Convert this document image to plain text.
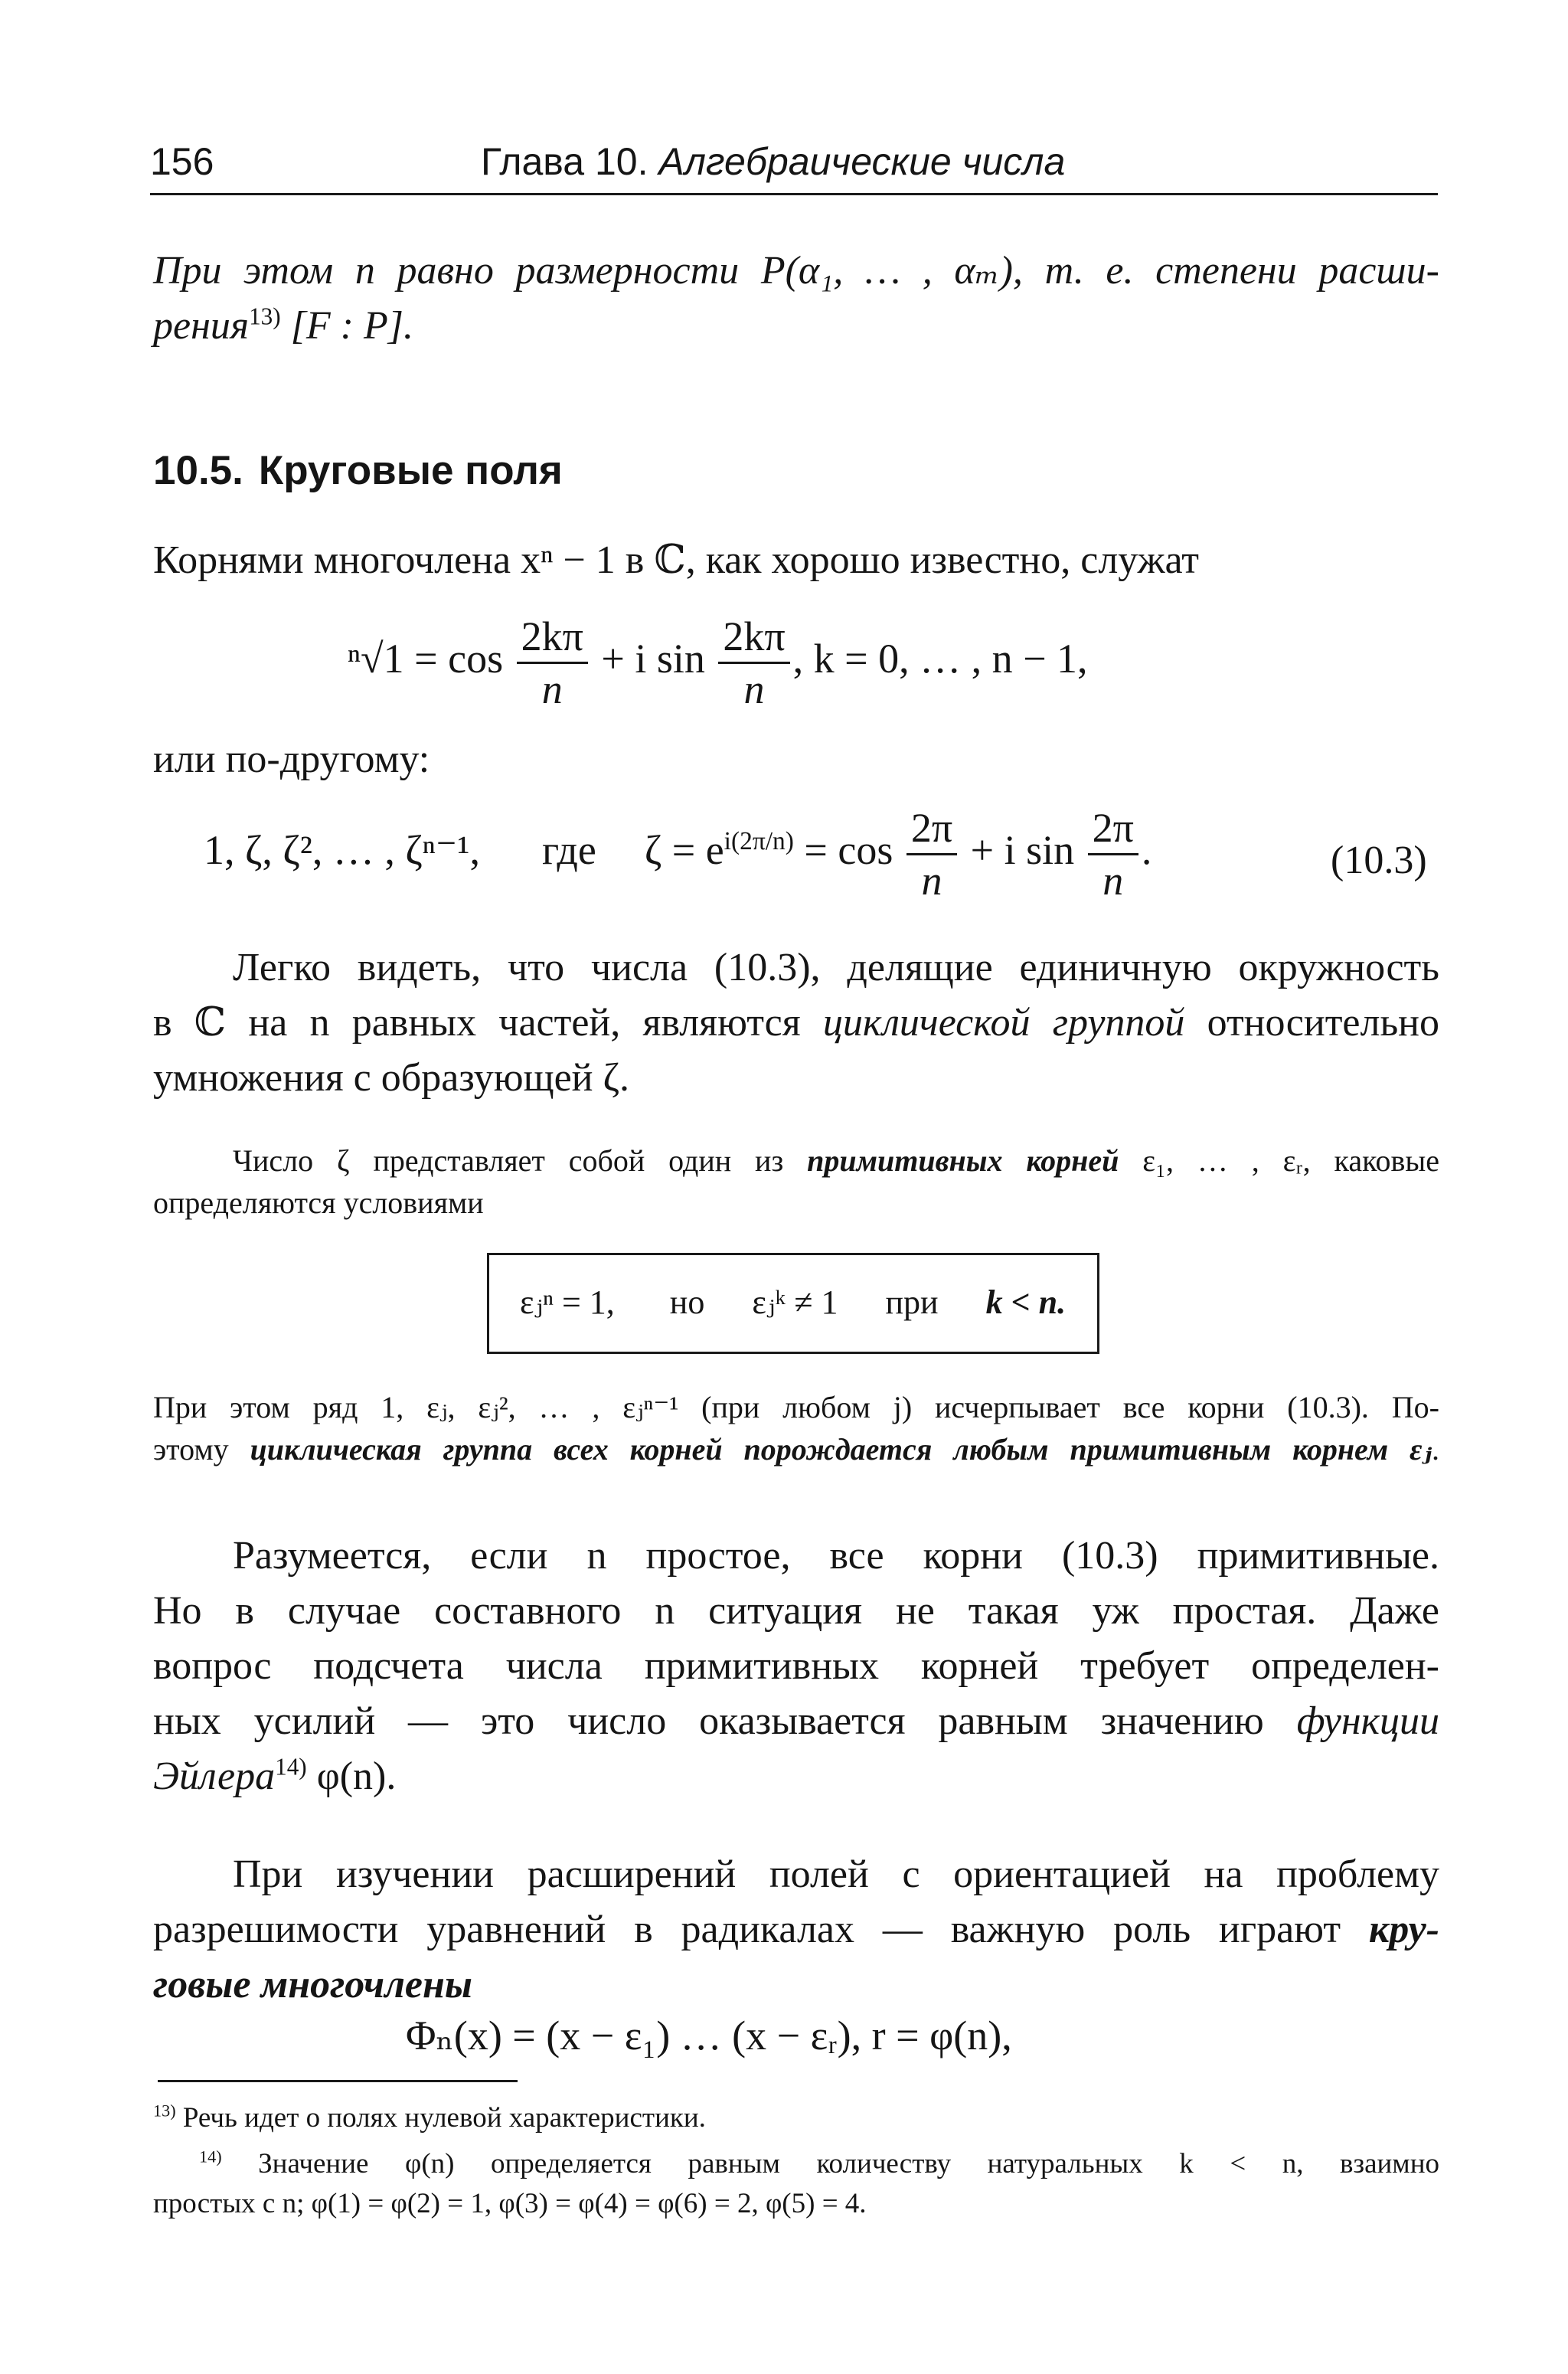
156	Глава 10. Алгебраические числа
При этом n равно размерности P(α₁, … , αₘ), т. е. степени расши-
рения$^{13)}$ [F : P].
10.5. Круговые поля
Корнями многочлена xⁿ − 1 в ℂ, как хорошо известно, служат
$^n√1 = \cos \frac{2k\pi}{n} + i$ $\sin \frac{2k\pi}{n}$ , k = 0, … , n − 1,
или по-другому:
1, ζ, ζ², … , ζⁿ⁻¹, где $\zeta = e^{i(2\pi/n)} = \cos \frac{2\pi}{n} + i$ $\sin \frac{2\pi}{n}$ .	(10.3)
Легко видеть, что числа (10.3), делящие единичную окружность
в ℂ на n равных частей, являются циклической группой относительно
умножения с образующей ζ.
Число ζ представляет собой один из примитивных корней ε₁, … , εᵣ, каковые
определяются условиями
εⱼⁿ = 1, но εⱼᵏ ≠ 1 при k < n.
При этом ряд 1, εⱼ, εⱼ², … , εⱼⁿ⁻¹ (при любом j) исчерпывает все корни (10.3). По-
этому циклическая группа всех корней порождается любым примитивным корнем εⱼ.
Разумеется, если n простое, все корни (10.3) примитивные.
Но в случае составного n ситуация не такая уж простая. Даже
вопрос подсчета числа примитивных корней требует определен-
ных усилий — это число оказывается равным значению функции
Эйлера$^{14)}$ φ(n).
При изучении расширений полей с ориентацией на проблему
разрешимости уравнений в радикалах — важную роль играют кру-
говые многочлены
Φₙ(x) = (x − ε₁) … (x − εᵣ), r = φ(n),
$^{13)}$ Речь идет о полях нулевой характеристики.
$^{14)}$ Значение φ(n) определяется равным количеству натуральных k < n, взаимно
простых с n; φ(1) = φ(2) = 1, φ(3) = φ(4) = φ(6) = 2, φ(5) = 4.
